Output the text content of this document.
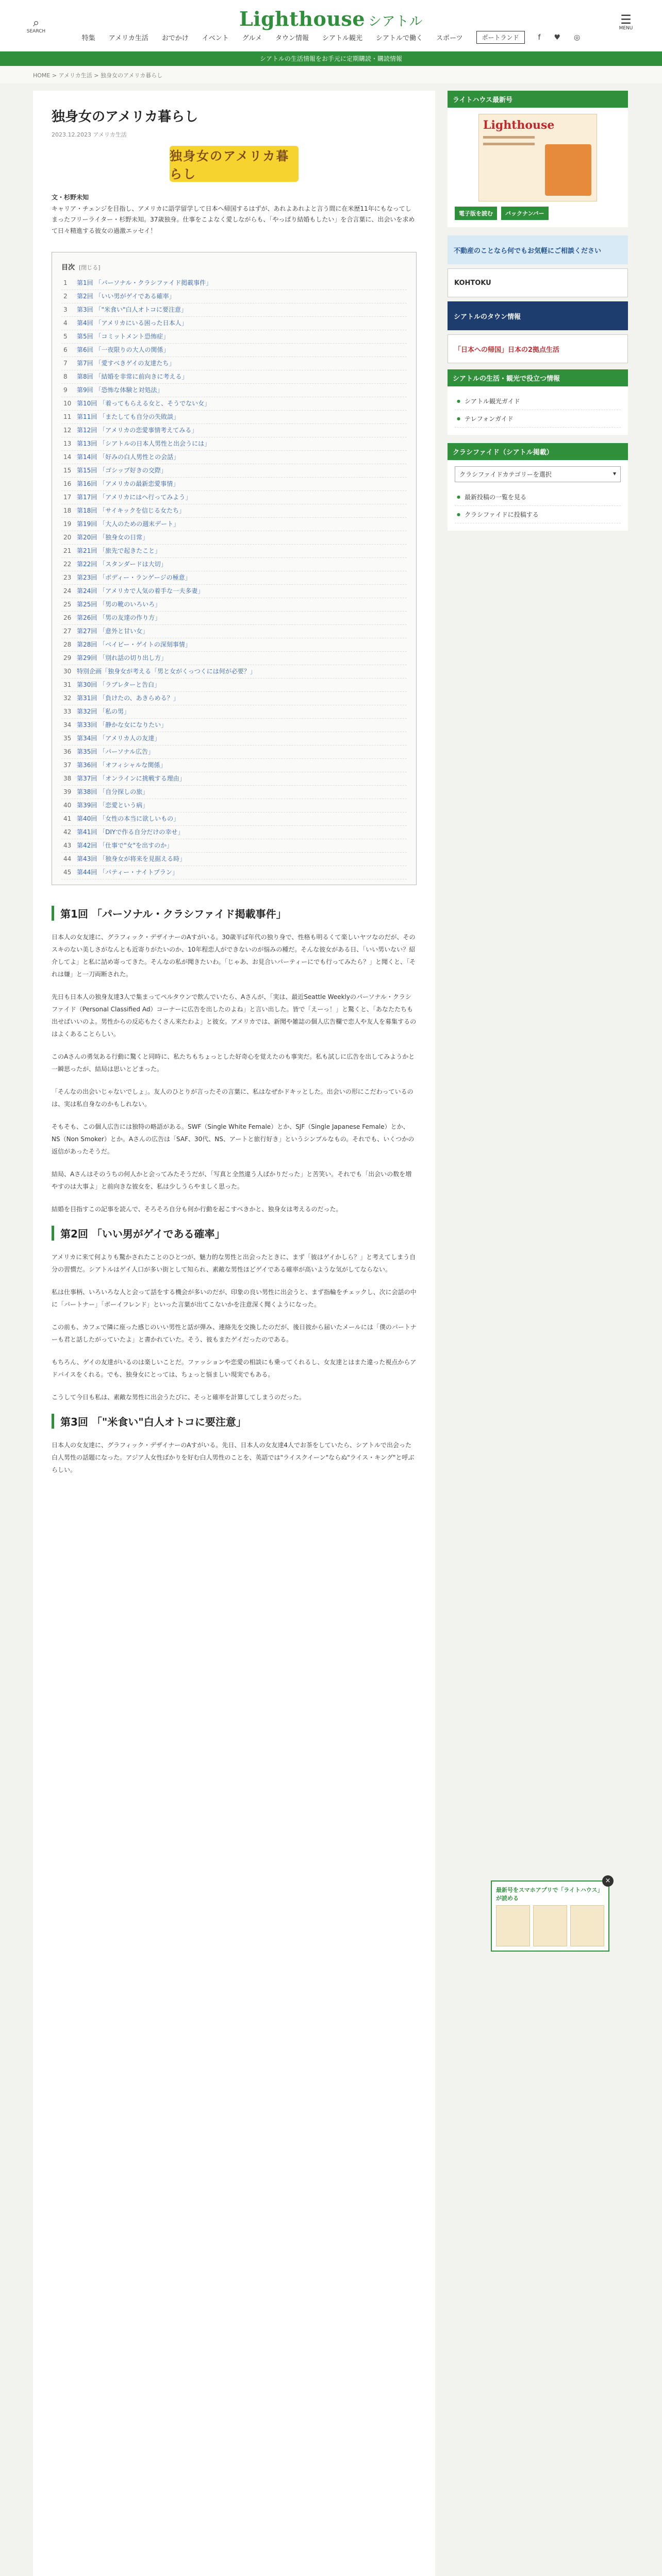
⌕
SEARCH
Lighthouse シアトル	☰
MENU
特集 アメリカ生活 おでかけ イベント グルメ タウン情報 シアトル観光 シアトルで働く スポーツ	ポートランド	f ♥ ◎
シアトルの生活情報をお手元に定期購読・購読情報
HOME > アメリカ生活 > 独身女のアメリカ暮らし
独身女のアメリカ暮らし
2023.12.2023 アメリカ生活
独身女のアメリカ暮らし
文・杉野未知
キャリア・チェンジを目指し、アメリカに語学留学して日本へ帰国するはずが、あれよあれよと言う間に在米歴11年にもなってしまったフリーライター・杉野未知。37歳独身。仕事をこよなく愛しながらも、「やっぱり結婚もしたい」を合言葉に、出会いを求めて日々精進する彼女の過激エッセイ！
目次 [閉じる]
1 第1回 「パーソナル・クラシファイド掲載事件」
2 第2回 「いい男がゲイである確率」
3 第3回 「"米食い"白人オトコに要注意」
4 第4回 「アメリカにいる困った日本人」
5 第5回 「コミットメント恐怖症」
6 第6回 「一夜限りの大人の関係」
7 第7回 「愛すべきゲイの友達たち」
8 第8回 「結婚を非常に前向きに考える」
9 第9回 「恐怖な体験と対処法」
10 第10回 「着ってもらえる女と、そうでない女」
11 第11回 「またしても自分の失敗談」
12 第12回 「アメリカの恋愛事情考えてみる」
13 第13回 「シアトルの日本人男性と出会うには」
14 第14回 「好みの白人男性との会話」
15 第15回 「ゴシップ好きの交際」
16 第16回 「アメリカの最新恋愛事情」
17 第17回 「アメリカにはヘ行ってみよう」
18 第18回 「サイキックを信じる女たち」
19 第19回 「大人のための週末デート」
20 第20回 「独身女の日常」
21 第21回 「旅先で起きたこと」
22 第22回 「スタンダードは大切」
23 第23回 「ボディー・ランゲージの極意」
24 第24回 「アメリカで人気の着手な一夫多妻」
25 第25回 「男の靴のいろいろ」
26 第26回 「男の友達の作り方」
27 第27回 「意外と甘い女」
28 第28回 「ベイビー・ゲイトの深刻事情」
29 第29回 「別れ話の切り出し方」
30 特別企画「独身女が考える「男と女がくっつくには何が必要？」
31 第30回 「ラブレターと告白」
32 第31回 「負けたの、あきらめる？」
33 第32回 「私の男」
34 第33回 「静かな女になりたい」
35 第34回 「アメリカ人の友達」
36 第35回 「パーソナル広告」
37 第36回 「オフィシャルな関係」
38 第37回 「オンラインに挑戦する理由」
39 第38回 「自分探しの旅」
40 第39回 「恋愛という病」
41 第40回 「女性の本当に欲しいもの」
42 第41回 「DIYで作る自分だけの幸せ」
43 第42回 「仕事で"女"を出すのか」
44 第43回 「独身女が将来を見据える時」
45 第44回 「パティー・ナイトプラン」
第1回 「パーソナル・クラシファイド掲載事件」

日本人の女友達に、グラフィック・デザイナーのAすがいる。30歳半ば年代の独り身で、性格も明るくて楽しいヤツなのだが、そのスキのない美しさがなんとも近寄りがたいのか、10年程恋人ができないのが悩みの種だ。そんな彼女がある日、「いい男いない？紹介してよ」と私に詰め寄ってきた。そんなの私が聞きたいわ。「じゃあ、お見合いパーティーにでも行ってみたら？」と聞くと、「それは嫌」と一刀両断された。

先日も日本人の独身友達3人で集まってペルタウンで飲んでいたら、Aさんが、「実は、最近Seattle Weeklyのパーソナル・クラシファイド（Personal Classified Ad）コーナーに広告を出したのよね」と言い出した。皆で「えーっ！」と驚くと、「あなたたちも出せばいいのよ。男性からの反応もたくさん来たわよ」と彼女。アメリカでは、新聞や雑誌の個人広告欄で恋人や友人を募集するのはよくあることらしい。

このAさんの勇気ある行動に驚くと同時に、私たちもちょっとした好奇心を覚えたのも事実だ。私も試しに広告を出してみようかと一瞬思ったが、結局は思いとどまった。

「そんなの出会いじゃないでしょ」。友人のひとりが言ったその言葉に、私はなぜかドキッとした。出会いの形にこだわっているのは、実は私自身なのかもしれない。

そもそも、この個人広告には独特の略語がある。SWF（Single White Female）とか、SJF（Single Japanese Female）とか、NS（Non Smoker）とか。Aさんの広告は「SAF、30代、NS、アートと旅行好き」というシンプルなもの。それでも、いくつかの返信があったそうだ。

結局、Aさんはそのうちの何人かと会ってみたそうだが、「写真と全然違う人ばかりだった」と苦笑い。それでも「出会いの数を増やすのは大事よ」と前向きな彼女を、私は少しうらやましく思った。

結婚を目指すこの記事を読んで、そろそろ自分も何か行動を起こすべきかと、独身女は考えるのだった。

第2回 「いい男がゲイである確率」

アメリカに来て何よりも驚かされたことのひとつが、魅力的な男性と出会ったときに、まず「彼はゲイかしら？」と考えてしまう自分の習慣だ。シアトルはゲイ人口が多い街として知られ、素敵な男性ほどゲイである確率が高いような気がしてならない。

私は仕事柄、いろいろな人と会って話をする機会が多いのだが、印象の良い男性に出会うと、まず指輪をチェックし、次に会話の中に「パートナー」「ボーイフレンド」といった言葉が出てこないかを注意深く聞くようになった。

この前も、カフェで隣に座った感じのいい男性と話が弾み、連絡先を交換したのだが、後日彼から届いたメールには「僕のパートナーも君と話したがっていたよ」と書かれていた。そう、彼もまたゲイだったのである。

もちろん、ゲイの友達がいるのは楽しいことだ。ファッションや恋愛の相談にも乗ってくれるし、女友達とはまた違った視点からアドバイスをくれる。でも、独身女にとっては、ちょっと悩ましい現実でもある。

こうして今日も私は、素敵な男性に出会うたびに、そっと確率を計算してしまうのだった。

第3回 「"米食い"白人オトコに要注意」

日本人の女友達に、グラフィック・デザイナーのAすがいる。先日、日本人の女友達4人でお茶をしていたら、シアトルで出会った白人男性の話題になった。アジア人女性ばかりを好む白人男性のことを、英語では"ライスクイーン"ならぬ"ライス・キング"と呼ぶらしい。

ライトハウス最新号
Lighthouse
電子版を読む	バックナンバー
不動産のことなら何でもお気軽にご相談ください
KOHTOKU
シアトルのタウン情報
「日本への帰国」日本の2拠点生活
シアトルの生活・観光で役立つ情報
● シアトル観光ガイド
● テレフォンガイド
クラシファイド（シアトル掲載）
クラシファイドカテゴリーを選択	▾
● 最新投稿の一覧を見る
● クラシファイドに投稿する
×
最新号をスマホアプリで「ライトハウス」が読める
